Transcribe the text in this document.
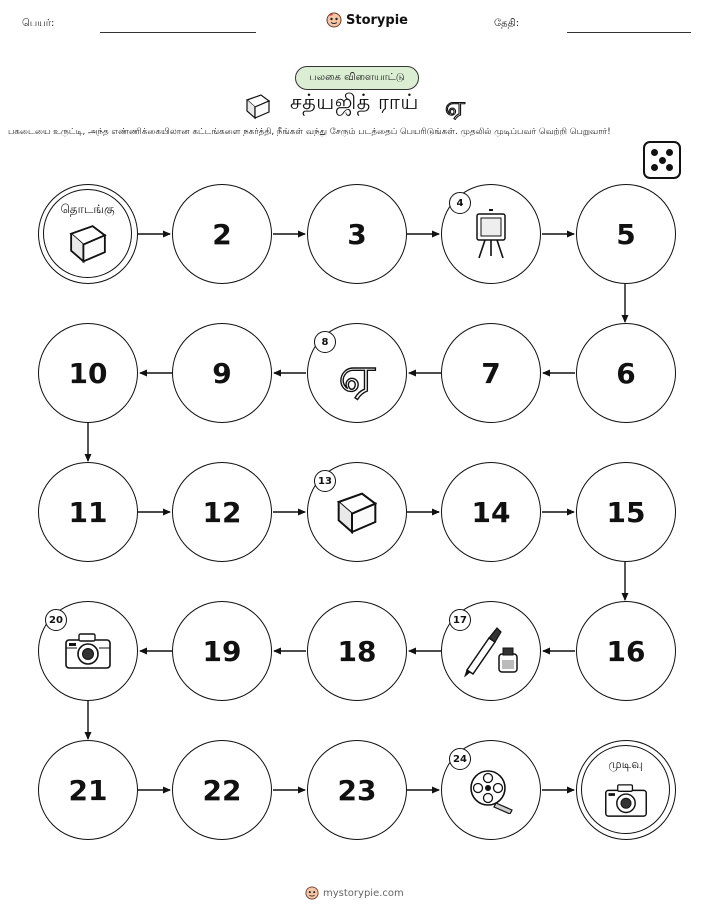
பெயர்:	Storypie	தேதி:
பலகை விளையாட்டு
சத்யஜித் ராய் ஏ
பகடையை உருட்டி, அந்த எண்ணிக்கையிலான கட்டங்களை நகர்த்தி, நீங்கள் வந்து சேரும் படத்தைப் பெயரிடுங்கள். முதலில் முடிப்பவர் வெற்றி பெறுவார்!
தொடங்கு
2	3
4
5
10	9 ஏ
8
7	6
11	12
13
14	15
20
19	18
17
16
21	22	23
24	முடிவு
mystorypie.com
